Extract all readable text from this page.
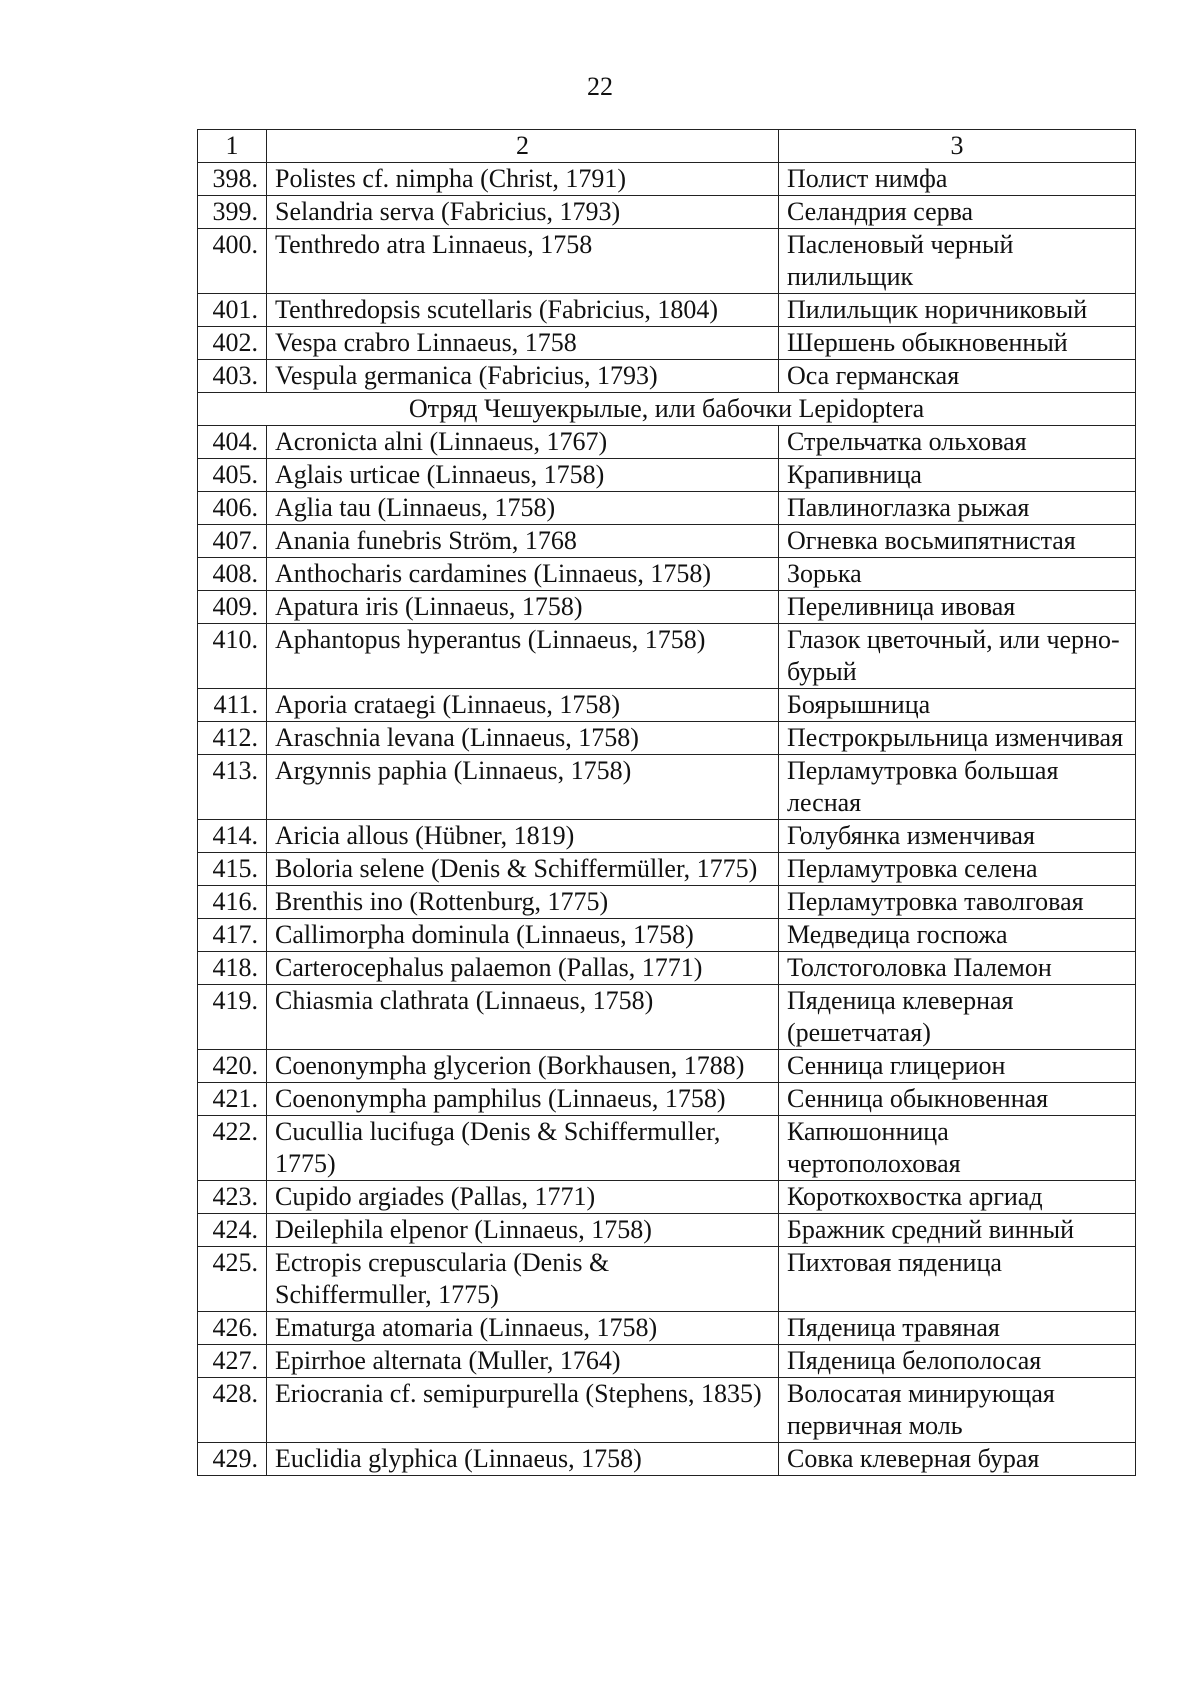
22
1	2	3
398.	Polistes cf. nimpha (Christ, 1791)	Полист нимфа
399.	Selandria serva (Fabricius, 1793)	Селандрия серва
400.	Tenthredo atra Linnaeus, 1758	Пасленовый черный пилильщик
401.	Tenthredopsis scutellaris (Fabricius, 1804)	Пилильщик норичниковый
402.	Vespa crabro Linnaeus, 1758	Шершень обыкновенный
403.	Vespula germanica (Fabricius, 1793)	Оса германская
Отряд Чешуекрылые, или бабочки Lepidoptera		
404.	Acronicta alni (Linnaeus, 1767)	Стрельчатка ольховая
405.	Aglais urticae (Linnaeus, 1758)	Крапивница
406.	Aglia tau (Linnaeus, 1758)	Павлиноглазка рыжая
407.	Anania funebris Ström, 1768	Огневка восьмипятнистая
408.	Anthocharis cardamines (Linnaeus, 1758)	Зорька
409.	Apatura iris (Linnaeus, 1758)	Переливница ивовая
410.	Aphantopus hyperantus (Linnaeus, 1758)	Глазок цветочный, или черно-бурый
411.	Aporia crataegi (Linnaeus, 1758)	Боярышница
412.	Araschnia levana (Linnaeus, 1758)	Пестрокрыльница изменчивая
413.	Argynnis paphia (Linnaeus, 1758)	Перламутровка большая лесная
414.	Aricia allous (Hübner, 1819)	Голубянка изменчивая
415.	Boloria selene (Denis & Schiffermüller, 1775)	Перламутровка селена
416.	Brenthis ino (Rottenburg, 1775)	Перламутровка таволговая
417.	Callimorpha dominula (Linnaeus, 1758)	Медведица госпожа
418.	Carterocephalus palaemon (Pallas, 1771)	Толстоголовка Палемон
419.	Chiasmia clathrata (Linnaeus, 1758)	Пяденица клеверная (решетчатая)
420.	Coenonympha glycerion (Borkhausen, 1788)	Сенница глицерион
421.	Coenonympha pamphilus (Linnaeus, 1758)	Сенница обыкновенная
422.	Cucullia lucifuga (Denis & Schiffermuller, 1775)	Капюшонница чертополоховая
423.	Cupido argiades (Pallas, 1771)	Короткохвостка аргиад
424.	Deilephila elpenor (Linnaeus, 1758)	Бражник средний винный
425.	Ectropis crepuscularia (Denis & Schiffermuller, 1775)	Пихтовая пяденица
426.	Ematurga atomaria (Linnaeus, 1758)	Пяденица травяная
427.	Epirrhoe alternata (Muller, 1764)	Пяденица белополосая
428.	Eriocrania cf. semipurpurella (Stephens, 1835)	Волосатая минирующая первичная моль
429.	Euclidia glyphica (Linnaeus, 1758)	Совка клеверная бурая
